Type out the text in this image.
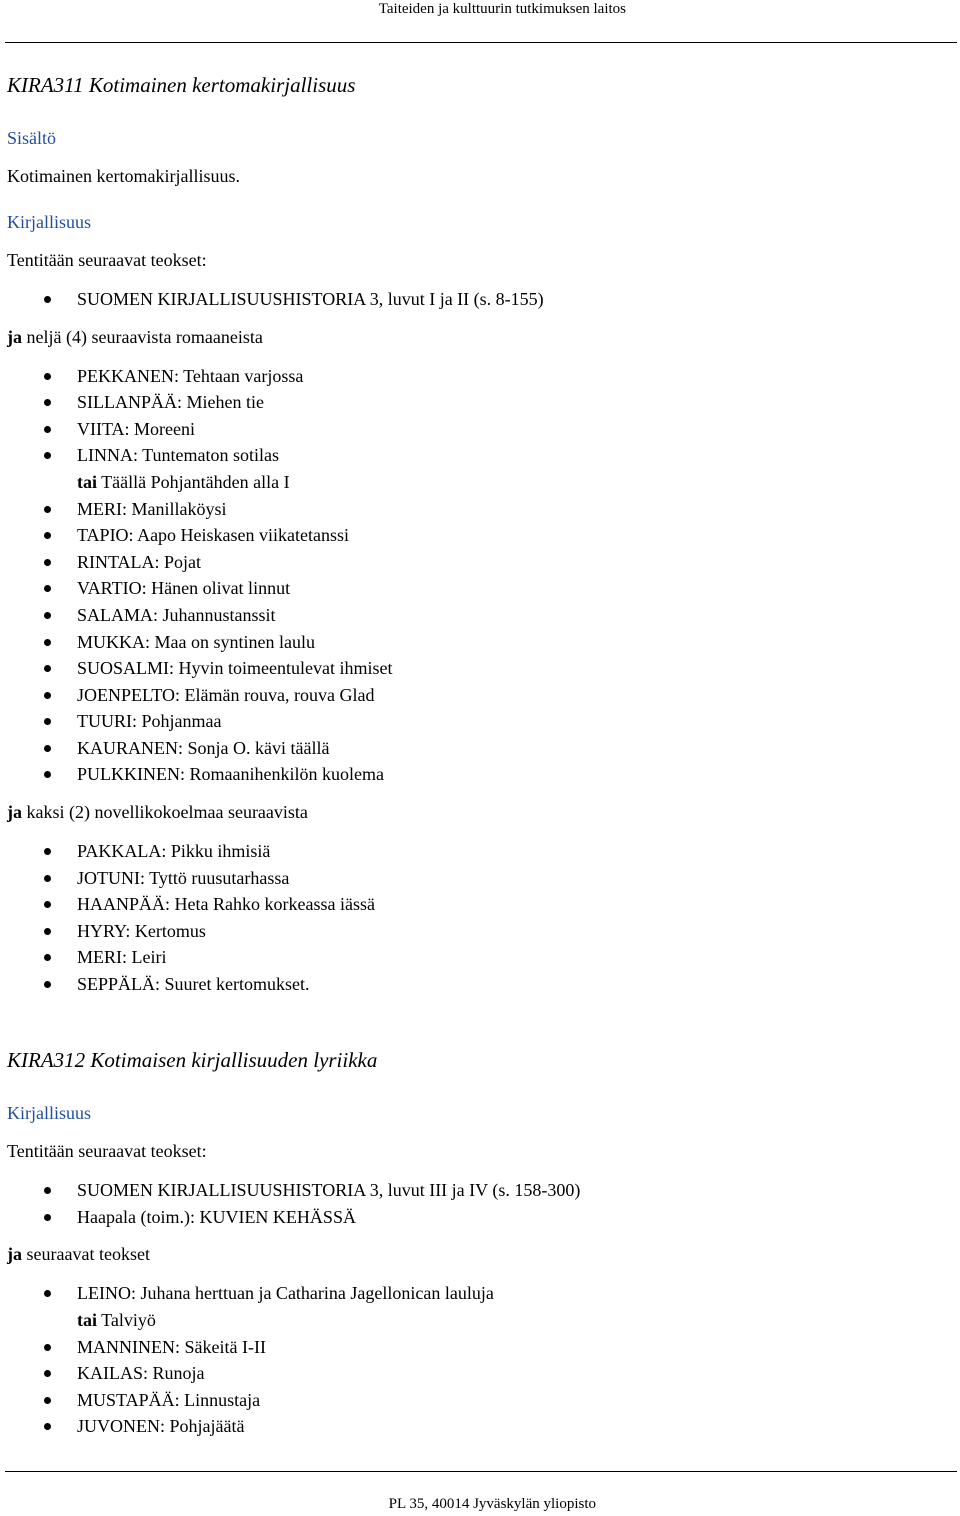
Taiteiden ja kulttuurin tutkimuksen laitos

KIRA311 Kotimainen kertomakirjallisuus

Sisältö

Kotimainen kertomakirjallisuus.

Kirjallisuus

Tentitään seuraavat teokset:

SUOMEN KIRJALLISUUSHISTORIA 3, luvut I ja II (s. 8-155)

ja neljä (4) seuraavista romaaneista

PEKKANEN: Tehtaan varjossa

SILLANPÄÄ: Miehen tie

VIITA: Moreeni

LINNA: Tuntematon sotilas

tai Täällä Pohjantähden alla I

MERI: Manillaköysi

TAPIO: Aapo Heiskasen viikatetanssi

RINTALA: Pojat

VARTIO: Hänen olivat linnut

SALAMA: Juhannustanssit

MUKKA: Maa on syntinen laulu

SUOSALMI: Hyvin toimeentulevat ihmiset

JOENPELTO: Elämän rouva, rouva Glad

TUURI: Pohjanmaa

KAURANEN: Sonja O. kävi täällä

PULKKINEN: Romaanihenkilön kuolema

ja kaksi (2) novellikokoelmaa seuraavista

PAKKALA: Pikku ihmisiä

JOTUNI: Tyttö ruusutarhassa

HAANPÄÄ: Heta Rahko korkeassa iässä

HYRY: Kertomus

MERI: Leiri

SEPPÄLÄ: Suuret kertomukset.

KIRA312 Kotimaisen kirjallisuuden lyriikka

Kirjallisuus

Tentitään seuraavat teokset:

SUOMEN KIRJALLISUUSHISTORIA 3, luvut III ja IV (s. 158-300)

Haapala (toim.): KUVIEN KEHÄSSÄ

ja seuraavat teokset

LEINO: Juhana herttuan ja Catharina Jagellonican lauluja

tai Talviyö

MANNINEN: Säkeitä I-II

KAILAS: Runoja

MUSTAPÄÄ: Linnustaja

JUVONEN: Pohjajäätä

PL 35, 40014 Jyväskylän yliopisto
